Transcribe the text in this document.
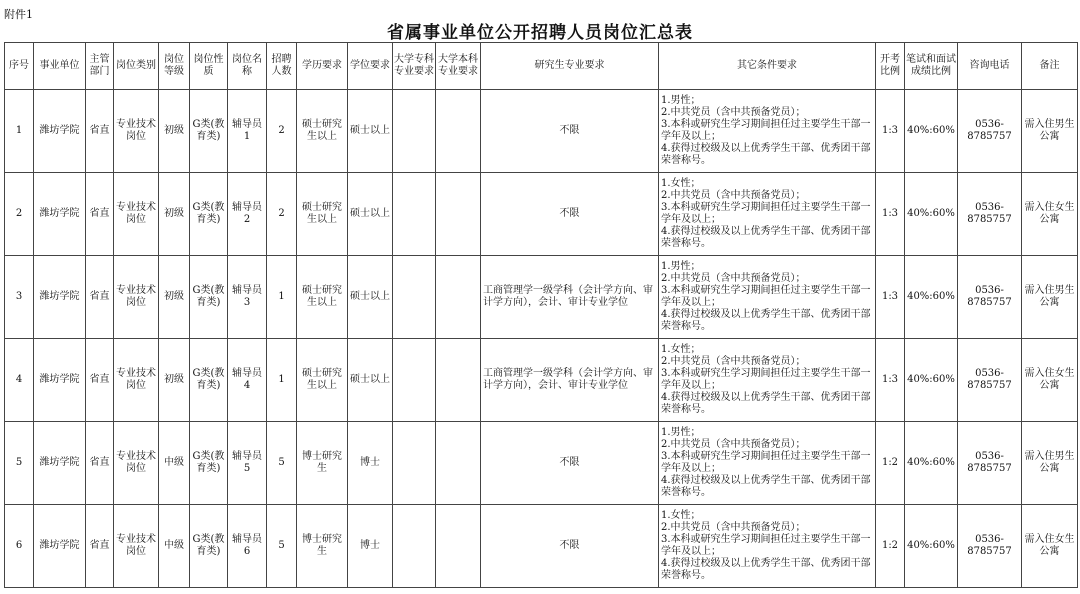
附件1
省属事业单位公开招聘人员岗位汇总表
序号	事业单位	主管部门	岗位类别	岗位等级	岗位性质	岗位名称	招聘人数	学历要求	学位要求	大学专科专业要求	大学本科专业要求	研究生专业要求	其它条件要求	开考比例	笔试和面试成绩比例	咨询电话	备注
1	潍坊学院	省直	专业技术岗位	初级	G类(教育类)	辅导员1	2	硕士研究生以上	硕士以上			不限	1.男性；
2.中共党员（含中共预备党员）；
3.本科或研究生学习期间担任过主要学生干部一学年及以上；
4.获得过校级及以上优秀学生干部、优秀团干部荣誉称号。	1:3	40%:60%	0536-8785757	需入住男生公寓
2	潍坊学院	省直	专业技术岗位	初级	G类(教育类)	辅导员2	2	硕士研究生以上	硕士以上			不限	1.女性；
2.中共党员（含中共预备党员）；
3.本科或研究生学习期间担任过主要学生干部一学年及以上；
4.获得过校级及以上优秀学生干部、优秀团干部荣誉称号。	1:3	40%:60%	0536-8785757	需入住女生公寓
3	潍坊学院	省直	专业技术岗位	初级	G类(教育类)	辅导员3	1	硕士研究生以上	硕士以上			工商管理学一级学科（会计学方向、审计学方向），会计、审计专业学位	1.男性；
2.中共党员（含中共预备党员）；
3.本科或研究生学习期间担任过主要学生干部一学年及以上；
4.获得过校级及以上优秀学生干部、优秀团干部荣誉称号。	1:3	40%:60%	0536-8785757	需入住男生公寓
4	潍坊学院	省直	专业技术岗位	初级	G类(教育类)	辅导员4	1	硕士研究生以上	硕士以上			工商管理学一级学科（会计学方向、审计学方向），会计、审计专业学位	1.女性；
2.中共党员（含中共预备党员）；
3.本科或研究生学习期间担任过主要学生干部一学年及以上；
4.获得过校级及以上优秀学生干部、优秀团干部荣誉称号。	1:3	40%:60%	0536-8785757	需入住女生公寓
5	潍坊学院	省直	专业技术岗位	中级	G类(教育类)	辅导员5	5	博士研究生	博士			不限	1.男性；
2.中共党员（含中共预备党员）；
3.本科或研究生学习期间担任过主要学生干部一学年及以上；
4.获得过校级及以上优秀学生干部、优秀团干部荣誉称号。	1:2	40%:60%	0536-8785757	需入住男生公寓
6	潍坊学院	省直	专业技术岗位	中级	G类(教育类)	辅导员6	5	博士研究生	博士			不限	1.女性；
2.中共党员（含中共预备党员）；
3.本科或研究生学习期间担任过主要学生干部一学年及以上；
4.获得过校级及以上优秀学生干部、优秀团干部荣誉称号。	1:2	40%:60%	0536-8785757	需入住女生公寓
